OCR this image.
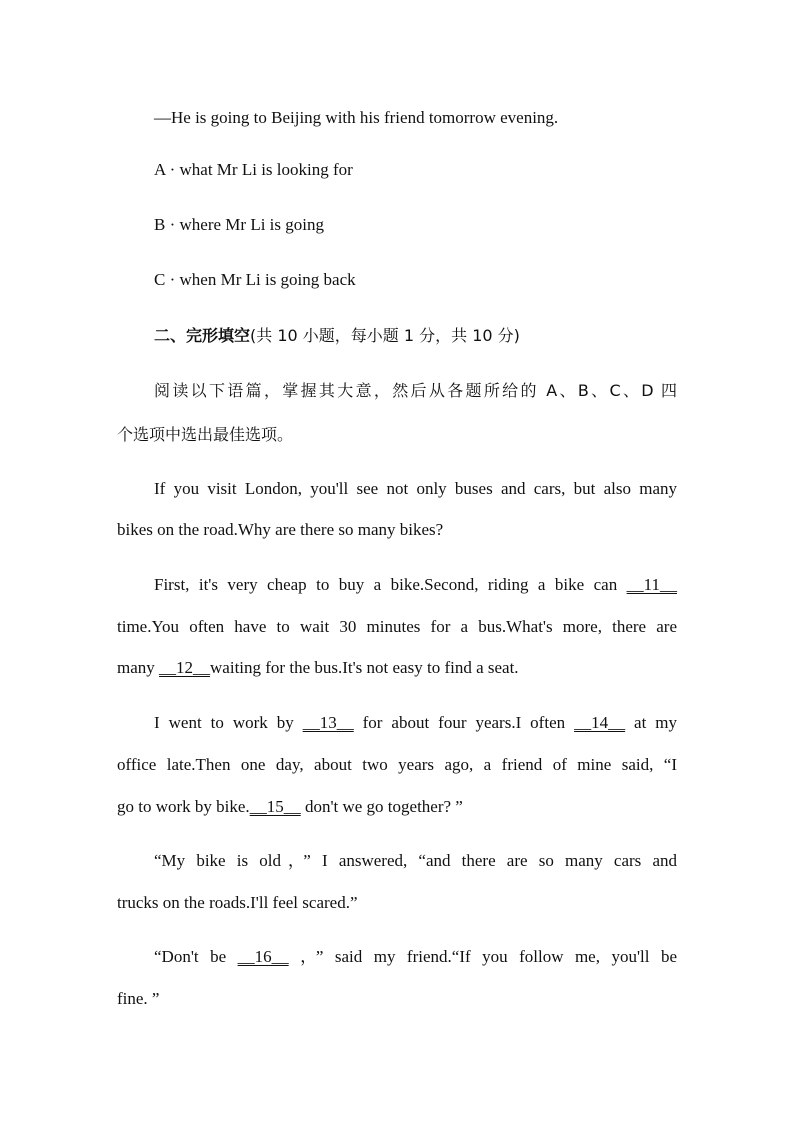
—He is going to Beijing with his friend tomorrow evening.
A · what Mr Li is looking for
B · where Mr Li is going
C · when Mr Li is going back
二、完形填空(共 10 小题，每小题 1 分，共 10 分)
阅读以下语篇，掌握其大意，然后从各题所给的 A、B、C、D 四
个选项中选出最佳选项。
If you visit London, you'll see not only buses and cars, but also many
bikes on the road.Why are there so many bikes?
First, it's very cheap to buy a bike.Second, riding a bike can __11__
time.You often have to wait 30 minutes for a bus.What's more, there are
many __12__waiting for the bus.It's not easy to find a seat.
I went to work by __13__ for about four years.I often __14__ at my
office late.Then one day, about two years ago, a friend of mine said, “I
go to work by bike.__15__ don't we go together? ”
“My bike is old，” I answered, “and there are so many cars and
trucks on the roads.I'll feel scared.”
“Don't be __16__ ，” said my friend.“If you follow me, you'll be
fine. ”
